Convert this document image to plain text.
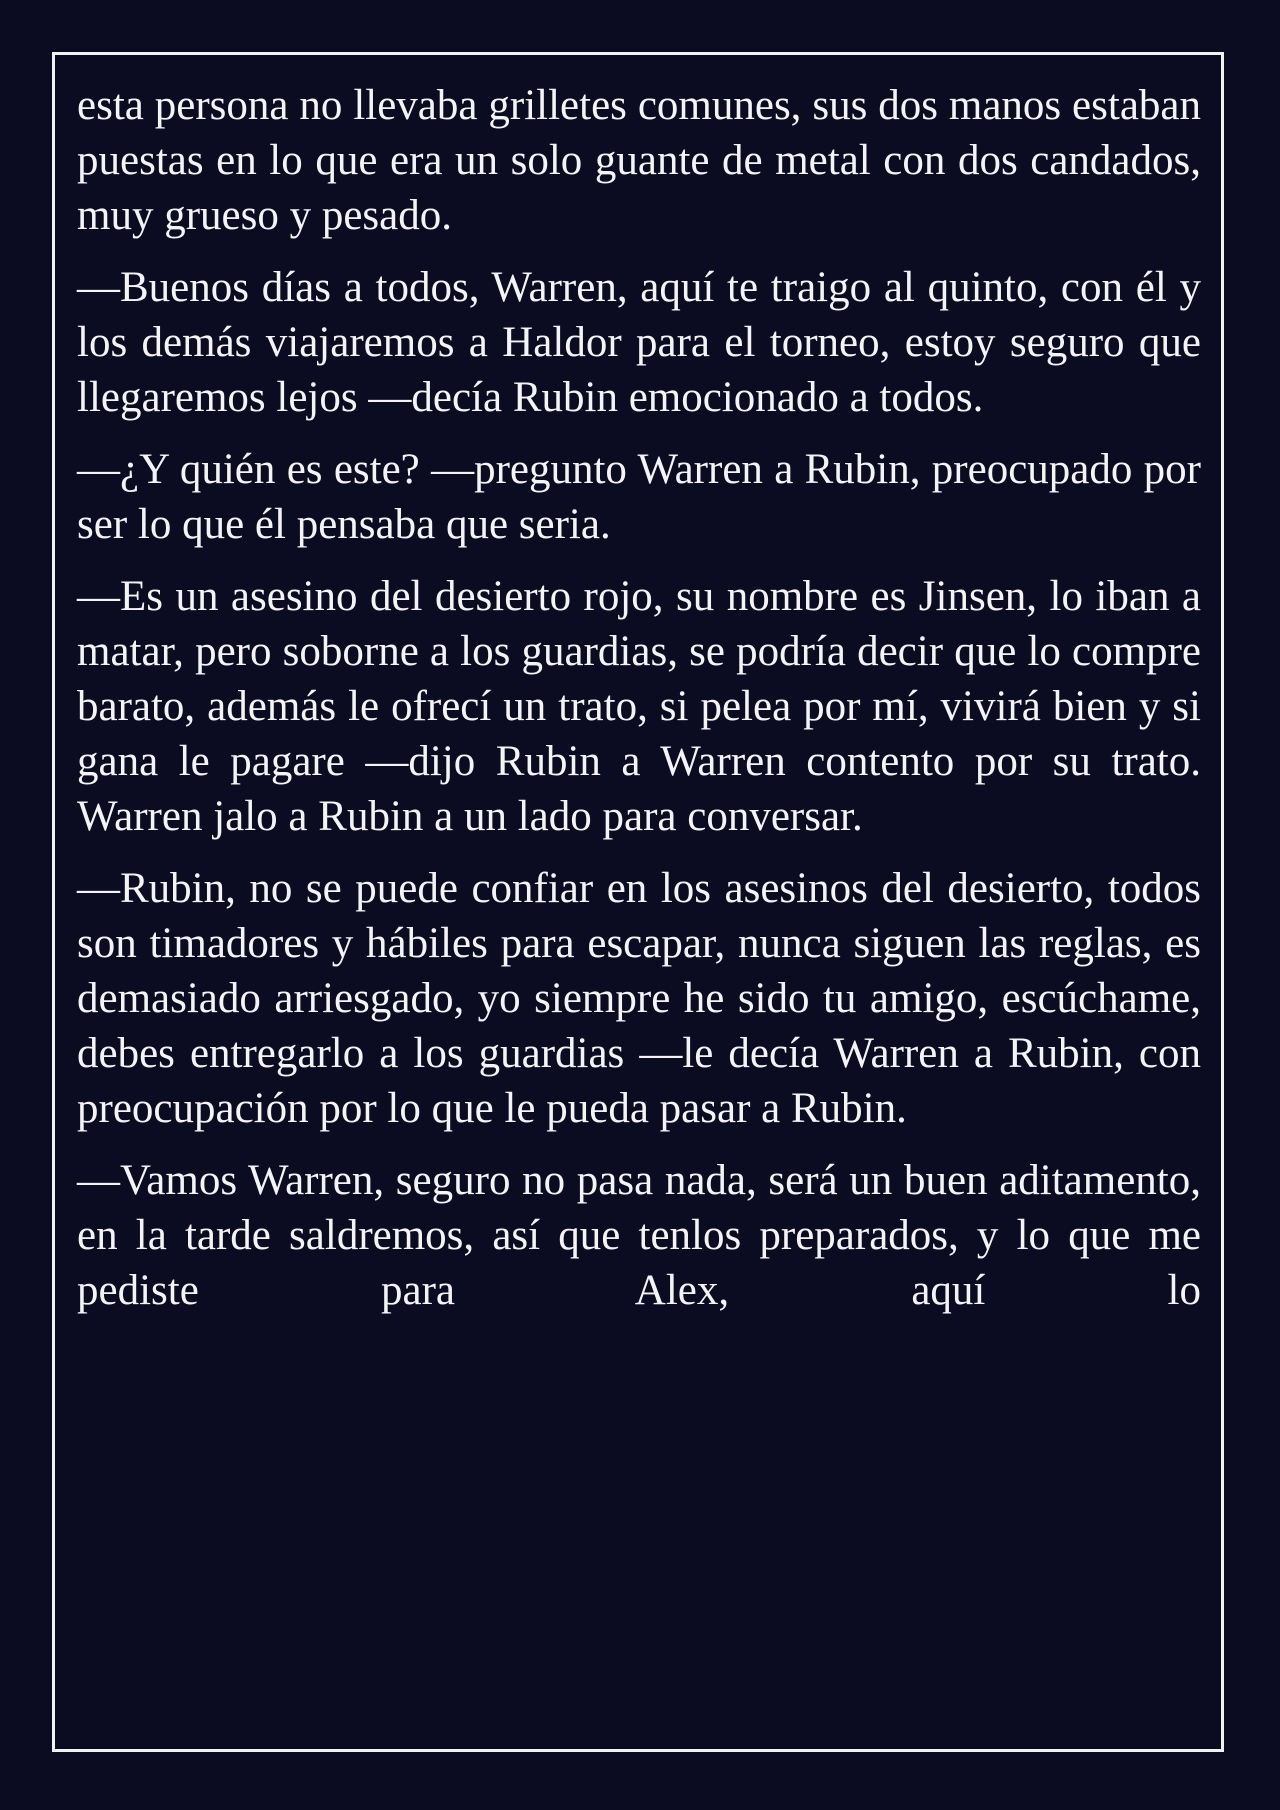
esta persona no llevaba grilletes comunes, sus dos manos estaban puestas en lo que era un solo guante de metal con dos candados, muy grueso y pesado.

—Buenos días a todos, Warren, aquí te traigo al quinto, con él y los demás viajaremos a Haldor para el torneo, estoy seguro que llegaremos lejos —decía Rubin emocionado a todos.

—¿Y quién es este? —pregunto Warren a Rubin, preocupado por ser lo que él pensaba que seria.

—Es un asesino del desierto rojo, su nombre es Jinsen, lo iban a matar, pero soborne a los guardias, se podría decir que lo compre barato, además le ofrecí un trato, si pelea por mí, vivirá bien y si gana le pagare —dijo Rubin a Warren contento por su trato. Warren jalo a Rubin a un lado para conversar.

—Rubin, no se puede confiar en los asesinos del desierto, todos son timadores y hábiles para escapar, nunca siguen las reglas, es demasiado arriesgado, yo siempre he sido tu amigo, escúchame, debes entregarlo a los guardias —le decía Warren a Rubin, con preocupación por lo que le pueda pasar a Rubin.

—Vamos Warren, seguro no pasa nada, será un buen aditamento, en la tarde saldremos, así que tenlos preparados, y lo que me pediste para Alex, aquí lo
